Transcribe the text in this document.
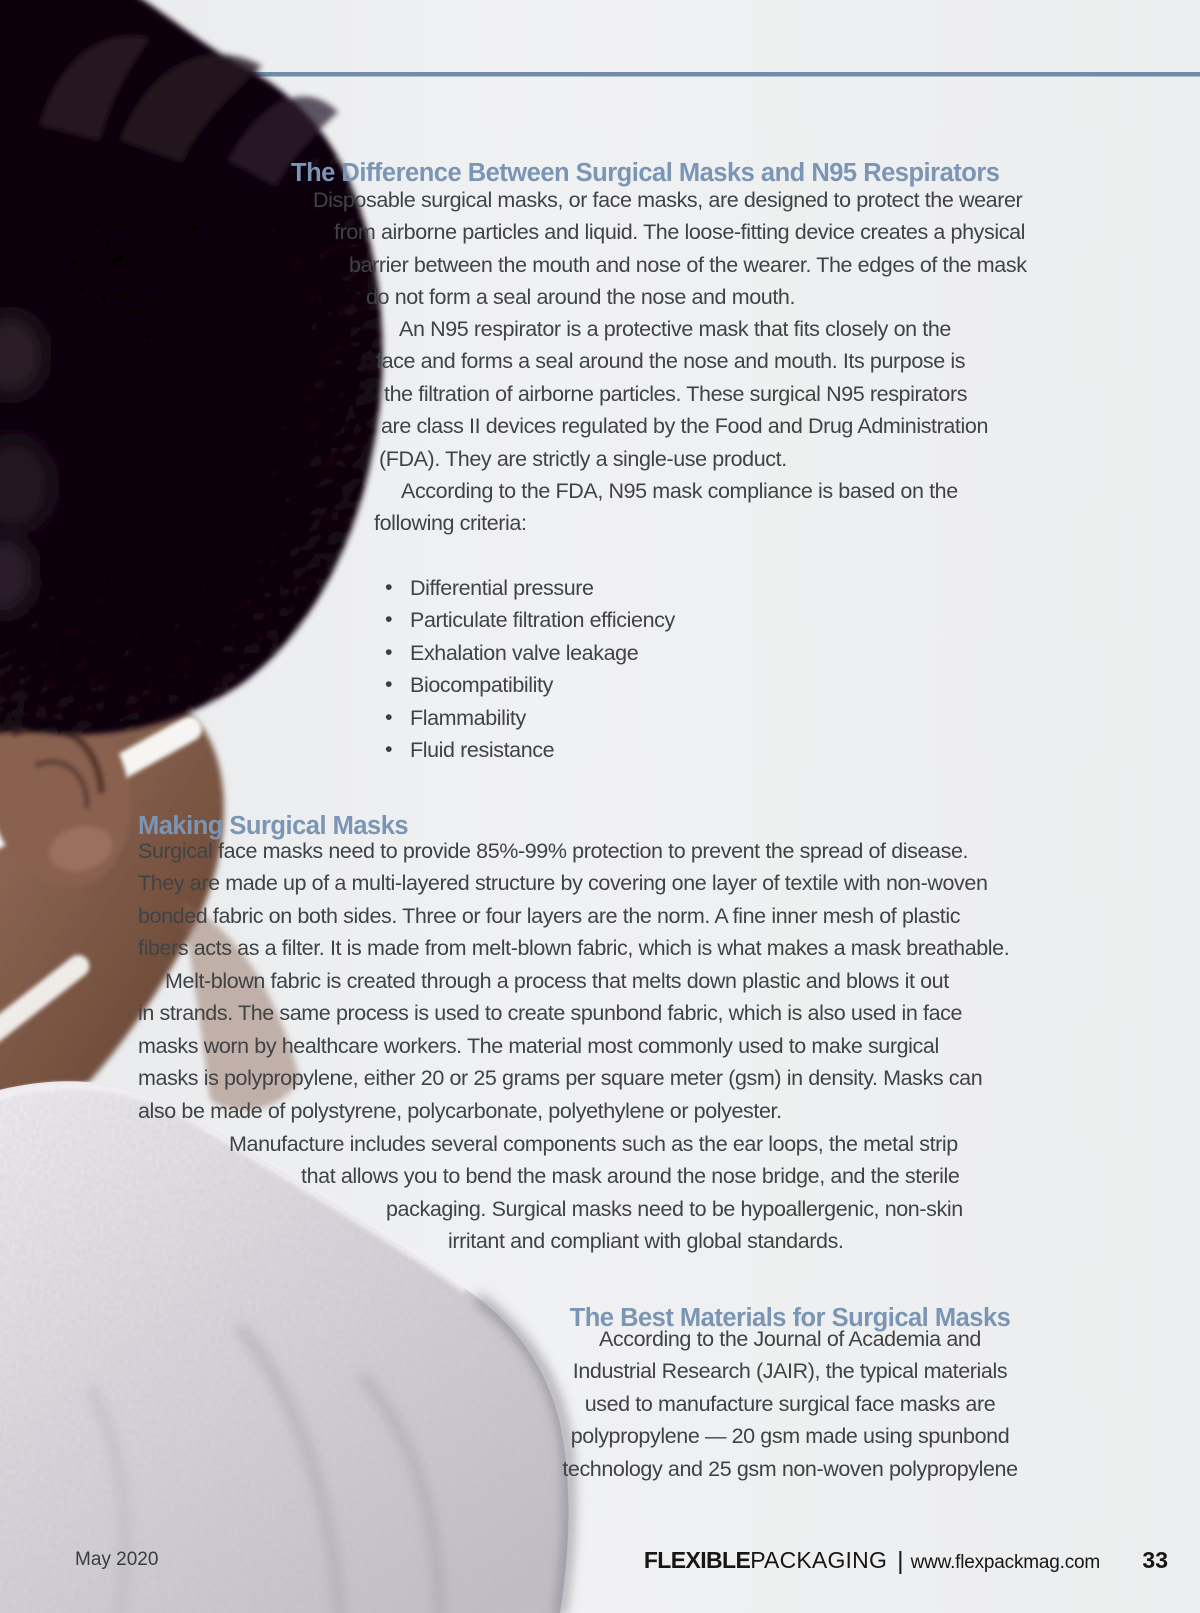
The Difference Between Surgical Masks and N95 Respirators
Disposable surgical masks, or face masks, are designed to protect the wearer
from airborne particles and liquid. The loose-fitting device creates a physical
barrier between the mouth and nose of the wearer. The edges of the mask
do not form a seal around the nose and mouth.
An N95 respirator is a protective mask that fits closely on the
face and forms a seal around the nose and mouth. Its purpose is
the filtration of airborne particles. These surgical N95 respirators
are class II devices regulated by the Food and Drug Administration
(FDA). They are strictly a single-use product.
According to the FDA, N95 mask compliance is based on the
following criteria:
• Differential pressure
• Particulate filtration efficiency
• Exhalation valve leakage
• Biocompatibility
• Flammability
• Fluid resistance
Making Surgical Masks
Surgical face masks need to provide 85%-99% protection to prevent the spread of disease.
They are made up of a multi-layered structure by covering one layer of textile with non-woven
bonded fabric on both sides. Three or four layers are the norm. A fine inner mesh of plastic
fibers acts as a filter. It is made from melt-blown fabric, which is what makes a mask breathable.
Melt-blown fabric is created through a process that melts down plastic and blows it out
in strands. The same process is used to create spunbond fabric, which is also used in face
masks worn by healthcare workers. The material most commonly used to make surgical
masks is polypropylene, either 20 or 25 grams per square meter (gsm) in density. Masks can
also be made of polystyrene, polycarbonate, polyethylene or polyester.
Manufacture includes several components such as the ear loops, the metal strip
that allows you to bend the mask around the nose bridge, and the sterile
packaging. Surgical masks need to be hypoallergenic, non-skin
irritant and compliant with global standards.
The Best Materials for Surgical Masks
According to the Journal of Academia and
Industrial Research (JAIR), the typical materials
used to manufacture surgical face masks are
polypropylene — 20 gsm made using spunbond
technology and 25 gsm non-woven polypropylene
May 2020	FLEXIBLEPACKAGING | www.flexpackmag.com 33
